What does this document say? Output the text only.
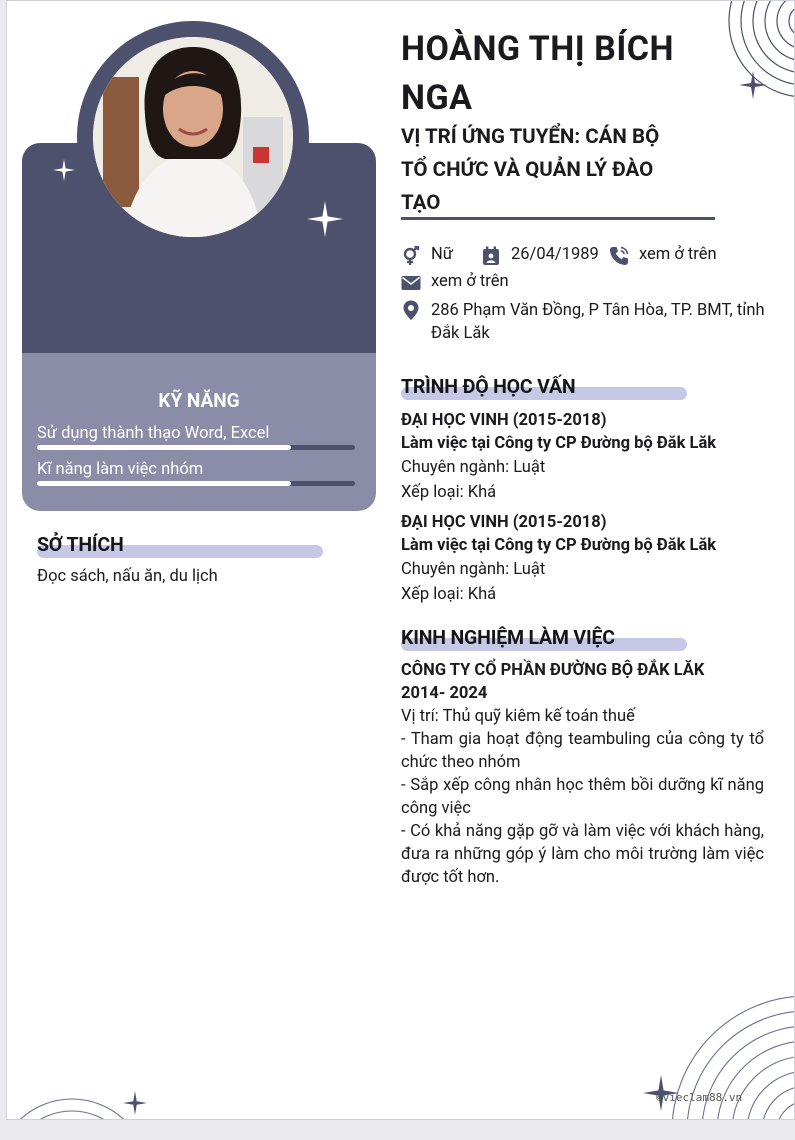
KỸ NĂNG
Sử dụng thành thạo Word, Excel
Kĩ năng làm việc nhóm
SỞ THÍCH
Đọc sách, nấu ăn, du lịch
HOÀNG THỊ BÍCH NGA
VỊ TRÍ ỨNG TUYỂN: CÁN BỘ TỔ CHỨC VÀ QUẢN LÝ ĐÀO TẠO
Nữ	26/04/1989 xem ở trên
xem ở trên
286 Phạm Văn Đồng, P Tân Hòa, TP. BMT, tỉnh Đắk Lăk
TRÌNH ĐỘ HỌC VẤN
ĐẠI HỌC VINH (2015-2018)
Làm việc tại Công ty CP Đường bộ Đăk Lăk
Chuyên ngành: Luật
Xếp loại: Khá
ĐẠI HỌC VINH (2015-2018)
Làm việc tại Công ty CP Đường bộ Đăk Lăk
Chuyên ngành: Luật
Xếp loại: Khá
KINH NGHIỆM LÀM VIỆC
CÔNG TY CỔ PHẦN ĐƯỜNG BỘ ĐẮK LĂK
2014- 2024
Vị trí: Thủ quỹ kiêm kế toán thuế
- Tham gia hoạt động teambuling của công ty tổ chức theo nhóm
- Sắp xếp công nhân học thêm bồi dưỡng kĩ năng công việc
- Có khả năng gặp gỡ và làm việc với khách hàng, đưa ra những góp ý làm cho môi trường làm việc được tốt hơn.
©vieclam88.vn
